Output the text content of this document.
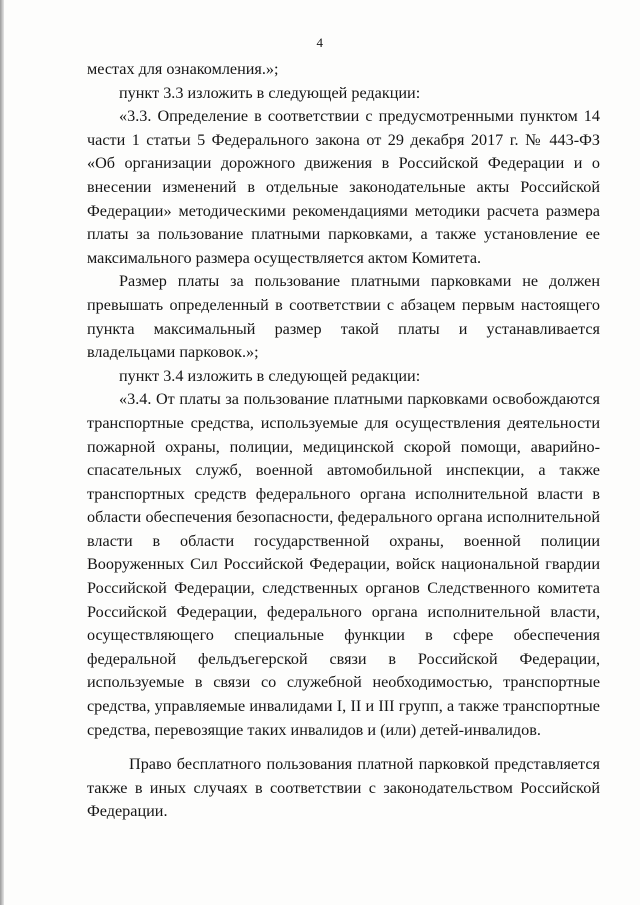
4

местах для ознакомления.»;

пункт 3.3 изложить в следующей редакции:

«3.3. Определение в соответствии с предусмотренными пунктом 14 части 1 статьи 5 Федерального закона от 29 декабря 2017 г. № 443-ФЗ «Об организации дорожного движения в Российской Федерации и о внесении изменений в отдельные законодательные акты Российской Федерации» методическими рекомендациями методики расчета размера платы за пользование платными парковками, а также установление ее максимального размера осуществляется актом Комитета.

Размер платы за пользование платными парковками не должен превышать определенный в соответствии с абзацем первым настоящего пункта максимальный размер такой платы и устанавливается владельцами парковок.»;

пункт 3.4 изложить в следующей редакции:

«3.4. От платы за пользование платными парковками освобождаются транспортные средства, используемые для осуществления деятельности пожарной охраны, полиции, медицинской скорой помощи, аварийно-спасательных служб, военной автомобильной инспекции, а также транспортных средств федерального органа исполнительной власти в области обеспечения безопасности, федерального органа исполнительной власти в области государственной охраны, военной полиции Вооруженных Сил Российской Федерации, войск национальной гвардии Российской Федерации, следственных органов Следственного комитета Российской Федерации, федерального органа исполнительной власти, осуществляющего специальные функции в сфере обеспечения федеральной фельдъегерской связи в Российской Федерации, используемые в связи со служебной необходимостью, транспортные средства, управляемые инвалидами I, II и III групп, а также транспортные средства, перевозящие таких инвалидов и (или) детей-инвалидов.

Право бесплатного пользования платной парковкой представляется также в иных случаях в соответствии с законодательством Российской Федерации.
